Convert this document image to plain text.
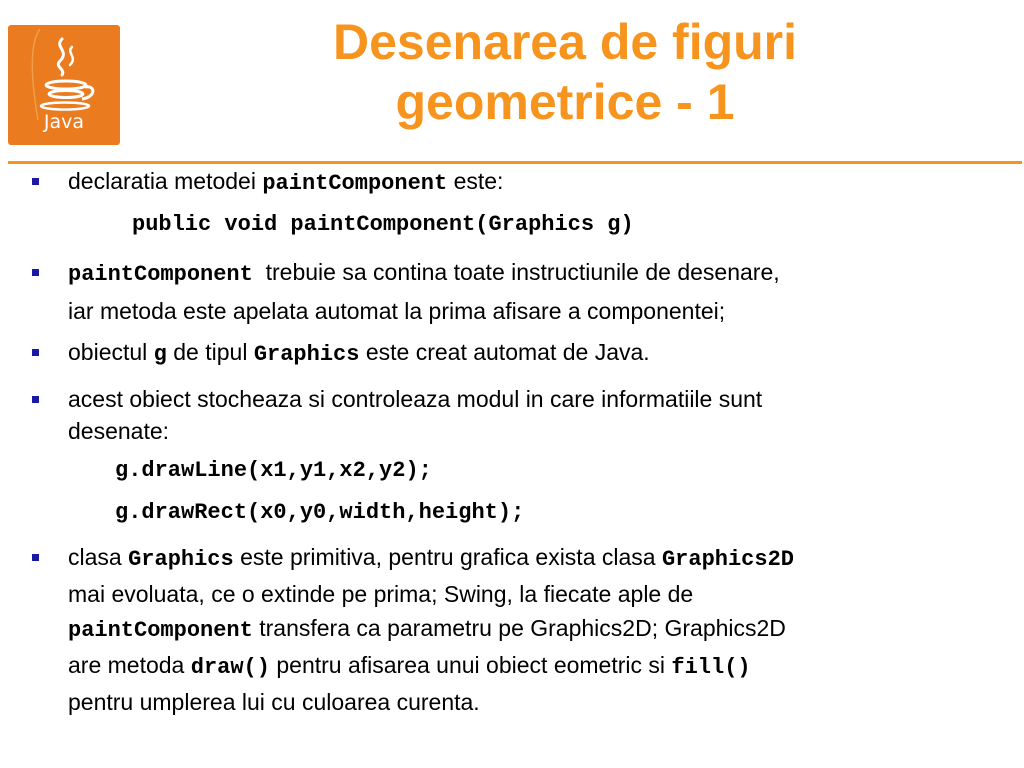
Java
Desenarea de figuri
geometrice - 1
declaratia metodei paintComponent este:
public void paintComponent(Graphics g)
paintComponent  trebuie sa contina toate instructiunile de desenare,
iar metoda este apelata automat la prima afisare a componentei;
obiectul g de tipul Graphics este creat automat de Java.
acest obiect stocheaza si controleaza modul in care informatiile sunt
desenate:
g.drawLine(x1,y1,x2,y2);
g.drawRect(x0,y0,width,height);
clasa Graphics este primitiva, pentru grafica exista clasa Graphics2D
mai evoluata, ce o extinde pe prima; Swing, la fiecate aple de
paintComponent transfera ca parametru pe Graphics2D; Graphics2D
are metoda draw() pentru afisarea unui obiect eometric si fill()
pentru umplerea lui cu culoarea curenta.
